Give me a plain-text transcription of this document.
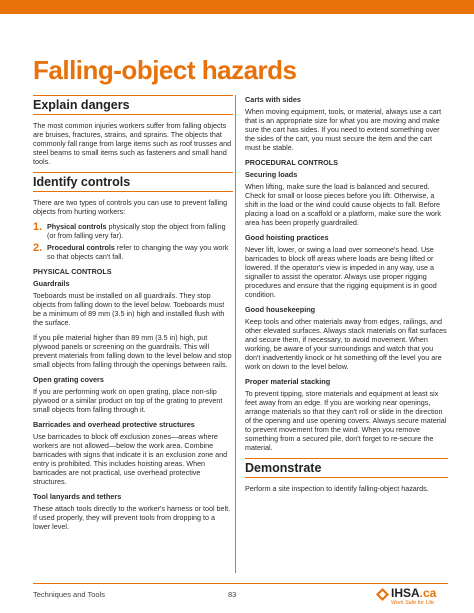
Falling-object hazards
Explain dangers

The most common injuries workers suffer from falling objects are bruises, fractures, strains, and sprains. The objects that commonly fall range from large items such as roof trusses and steel beams to small items such as fasteners and small hand tools.

Identify controls

There are two types of controls you can use to prevent falling objects from hurting workers:

1. Physical controls physically stop the object from falling (or from falling very far).
2. Procedural controls refer to changing the way you work so that objects can't fall.
PHYSICAL CONTROLS
Guardrails

Toeboards must be installed on all guardrails. They stop objects from falling down to the level below. Toeboards must be a minimum of 89 mm (3.5 in) high and installed flush with the surface.

If you pile material higher than 89 mm (3.5 in) high, put plywood panels or screening on the guardrails. This will prevent materials from falling down to the level below and stop small objects from falling through the openings between rails.

Open grating covers

If you are performing work on open grating, place non-slip plywood or a similar product on top of the grating to prevent small objects from falling through it.

Barricades and overhead protective structures

Use barricades to block off exclusion zones—areas where workers are not allowed—below the work area. Combine barricades with signs that indicate it is an exclusion zone and entry is prohibited. This includes hoisting areas. When barricades are not practical, use overhead protective structures.

Tool lanyards and tethers

These attach tools directly to the worker's harness or tool belt. If used properly, they will prevent tools from dropping to a lower level.

Carts with sides

When moving equipment, tools, or material, always use a cart that is an appropriate size for what you are moving and make sure the cart has sides. If you need to extend something over the sides of the cart, you must secure the item and the cart must be stable.

PROCEDURAL CONTROLS
Securing loads

When lifting, make sure the load is balanced and secured. Check for small or loose pieces before you lift. Otherwise, a shift in the load or the wind could cause objects to fall. Before placing a load on a scaffold or a platform, make sure the work area has been properly guardrailed.

Good hoisting practices

Never lift, lower, or swing a load over someone's head. Use barricades to block off areas where loads are being lifted or lowered. If the operator's view is impeded in any way, use a signaller to assist the operator. Always use proper rigging procedures and ensure that the rigging equipment is in good condition.

Good housekeeping

Keep tools and other materials away from edges, railings, and other elevated surfaces. Always stack materials on flat surfaces and secure them, if necessary, to avoid movement. When working, be aware of your surroundings and watch that you don't inadvertently knock or hit something off the level you are work on down to the level below.

Proper material stacking

To prevent tipping, store materials and equipment at least six feet away from an edge. If you are working near openings, arrange materials so that they can't roll or slide in the direction of the opening and use opening covers. Always secure material to prevent movement from the wind. When you remove something from a secured pile, don't forget to re-secure the material.

Demonstrate

Perform a site inspection to identify falling-object hazards.

Techniques and Tools	83	IHSA.ca
Work Safe for Life
